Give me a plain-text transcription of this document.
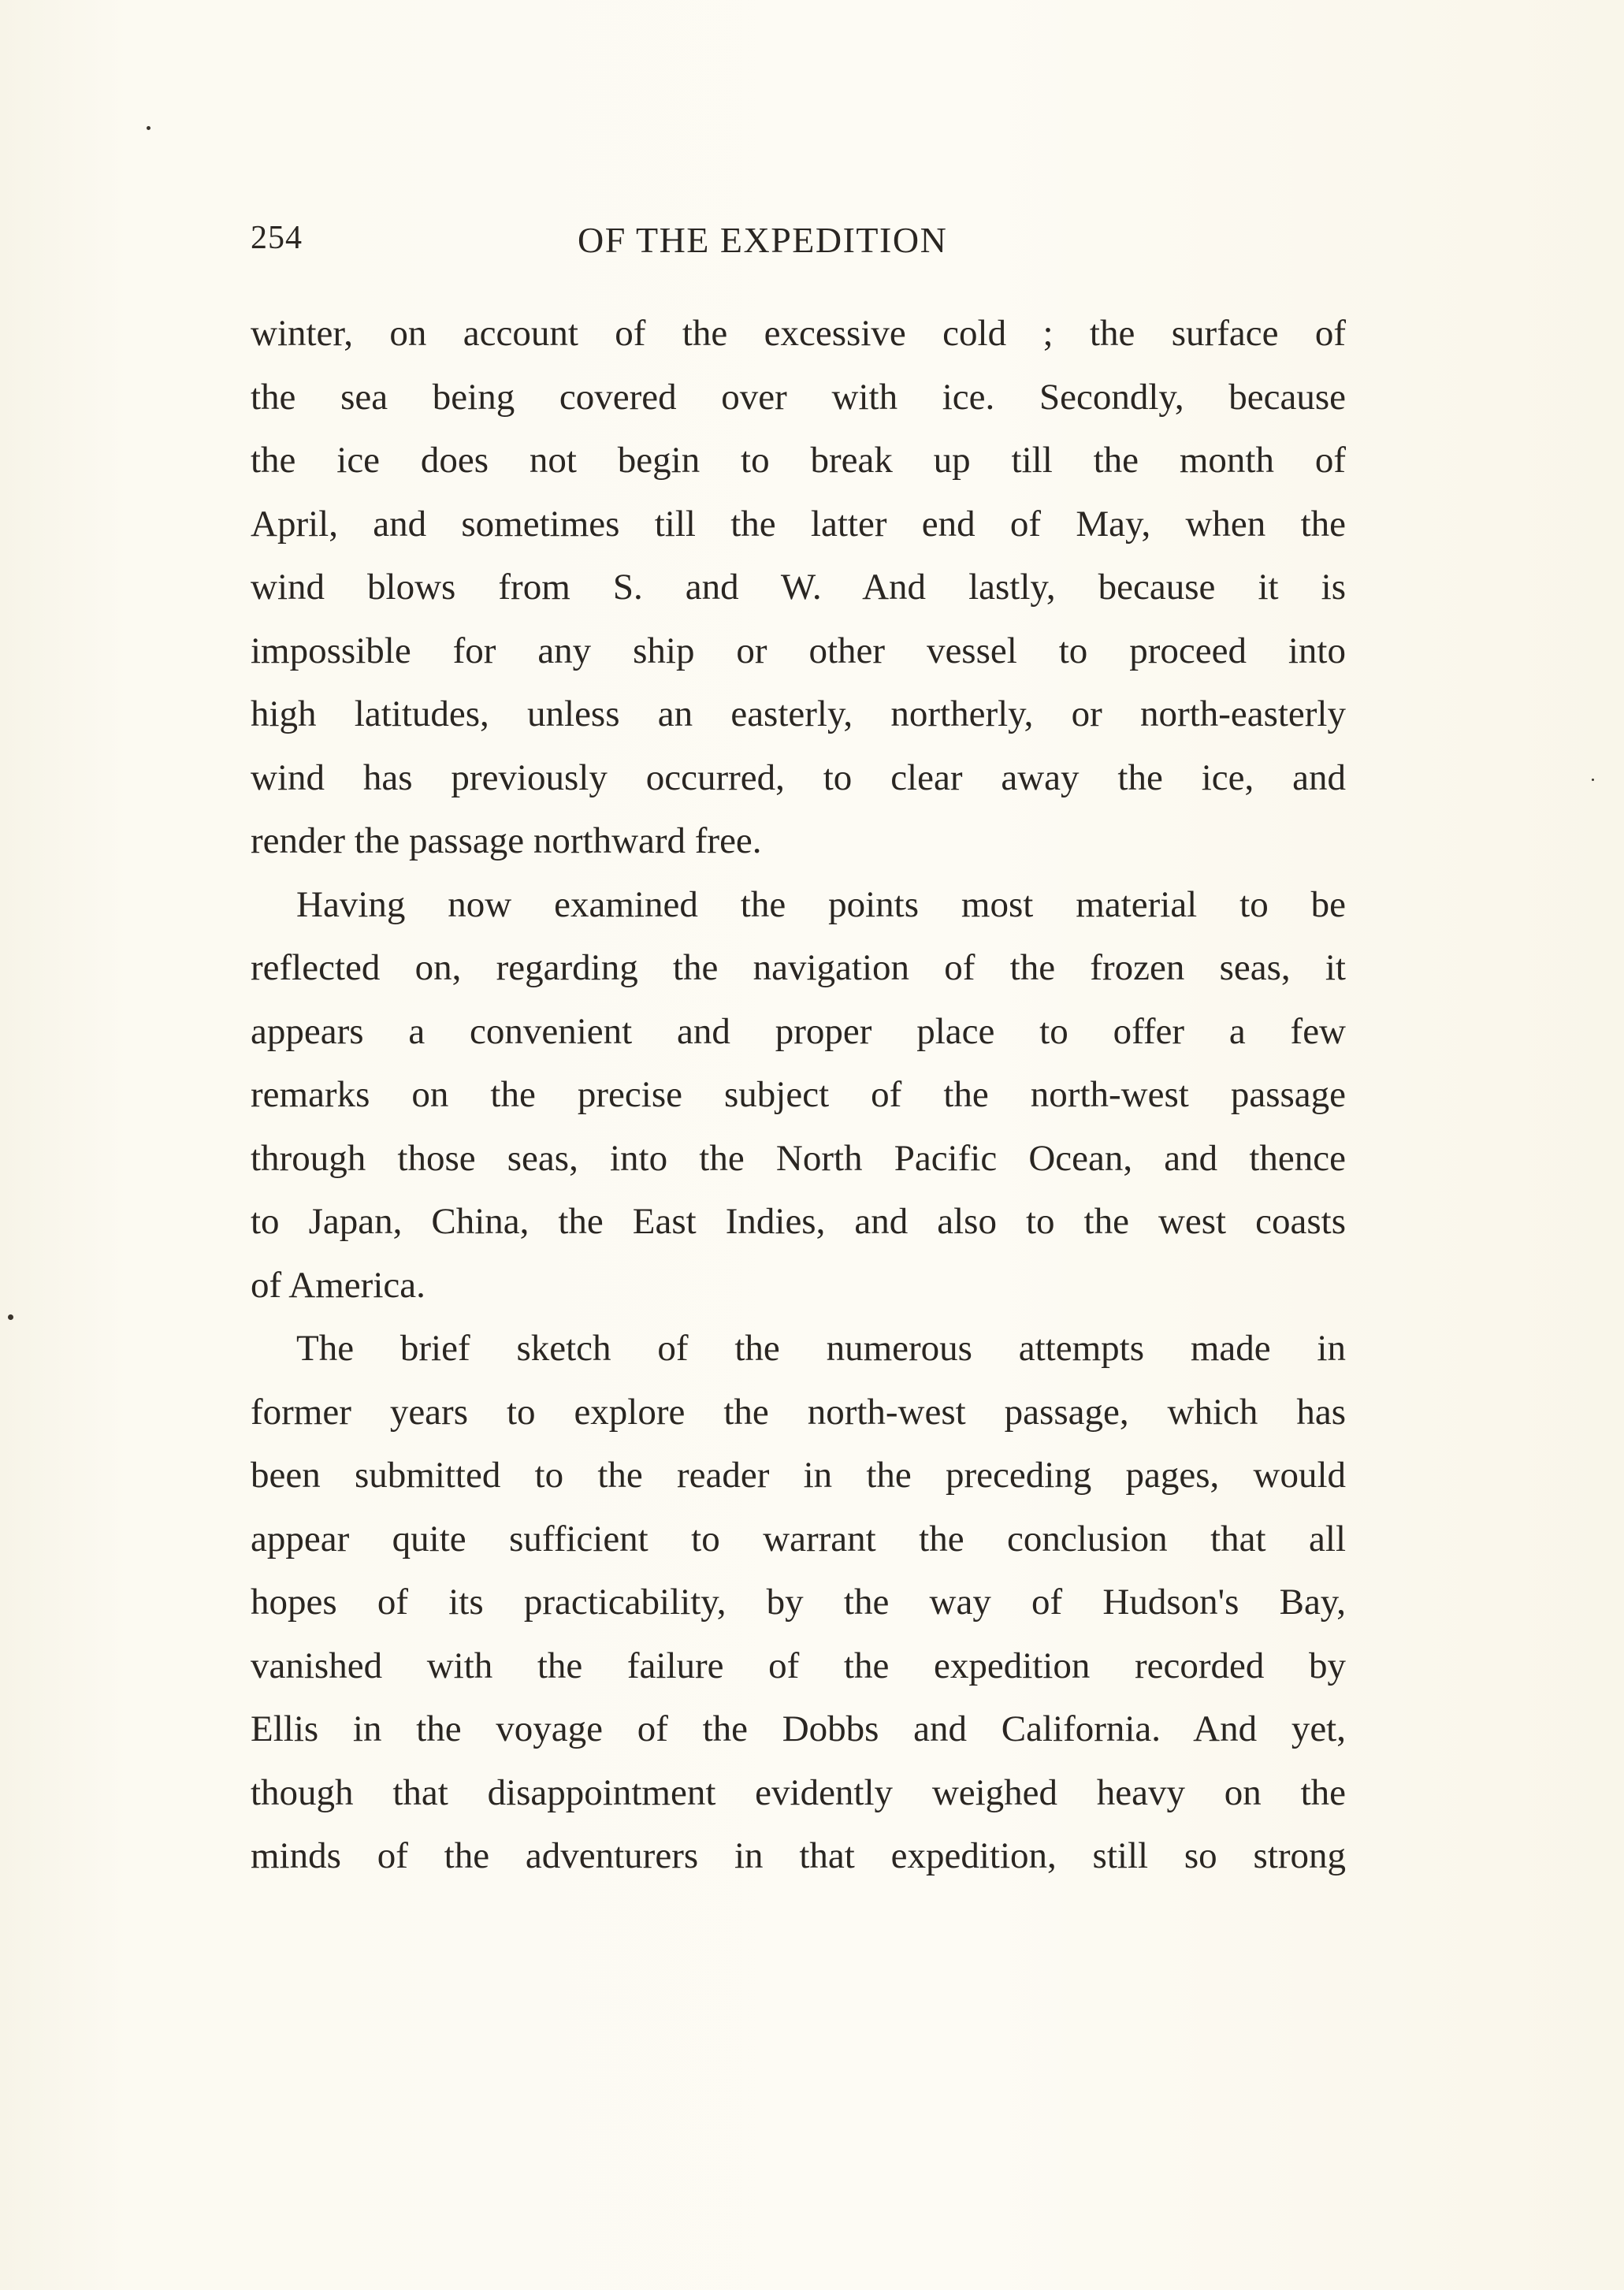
254	OF THE EXPEDITION
winter, on account of the excessive cold ; the surface of
the sea being covered over with ice. Secondly, because
the ice does not begin to break up till the month of
April, and sometimes till the latter end of May, when the
wind blows from S. and W. And lastly, because it is
impossible for any ship or other vessel to proceed into
high latitudes, unless an easterly, northerly, or north-easterly
wind has previously occurred, to clear away the ice, and
render the passage northward free.
Having now examined the points most material to be
reflected on, regarding the navigation of the frozen seas, it
appears a convenient and proper place to offer a few
remarks on the precise subject of the north-west passage
through those seas, into the North Pacific Ocean, and thence
to Japan, China, the East Indies, and also to the west coasts
of America.
The brief sketch of the numerous attempts made in
former years to explore the north-west passage, which has
been submitted to the reader in the preceding pages, would
appear quite sufficient to warrant the conclusion that all
hopes of its practicability, by the way of Hudson's Bay,
vanished with the failure of the expedition recorded by
Ellis in the voyage of the Dobbs and California. And yet,
though that disappointment evidently weighed heavy on the
minds of the adventurers in that expedition, still so strong
